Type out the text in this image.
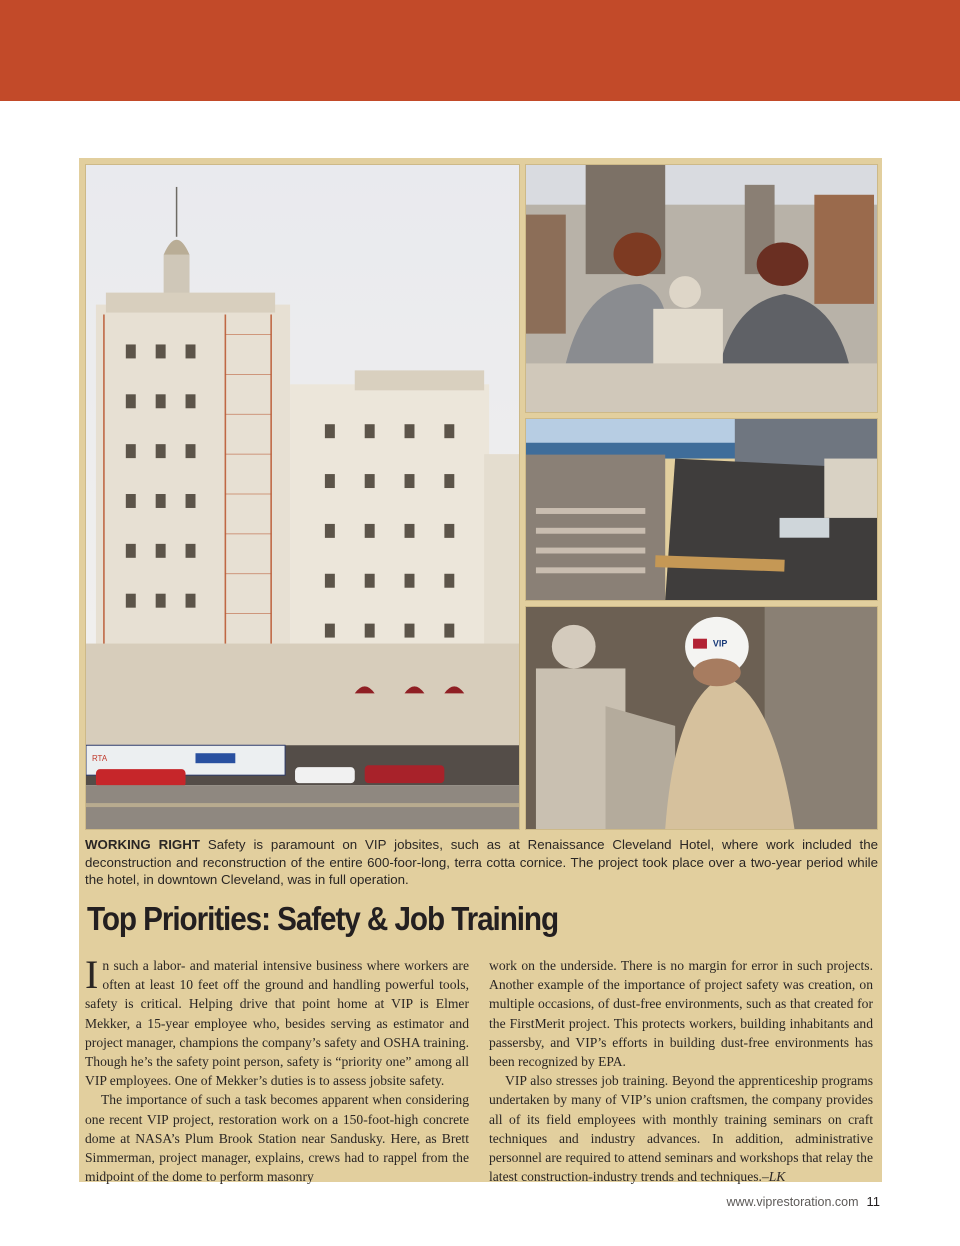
RTA
VIP

WORKING RIGHT Safety is paramount on VIP jobsites, such as at Renaissance Cleveland Hotel, where work included the deconstruction and reconstruction of the entire 600-foor-long, terra cotta cornice. The project took place over a two-year period while the hotel, in downtown Cleveland, was in full operation.

Top Priorities: Safety & Job Training

In such a labor- and material intensive business where workers are often at least 10 feet off the ground and handling powerful tools, safety is critical. Helping drive that point home at VIP is Elmer Mekker, a 15-year employee who, besides serving as estimator and project manager, champions the company’s safety and OSHA training. Though he’s the safety point person, safety is “priority one” among all VIP employees. One of Mekker’s duties is to assess jobsite safety.

The importance of such a task becomes apparent when considering one recent VIP project, restoration work on a 150-foot-high concrete dome at NASA’s Plum Brook Station near Sandusky. Here, as Brett Simmerman, project manager, explains, crews had to rappel from the midpoint of the dome to perform masonry

work on the underside. There is no margin for error in such projects. Another example of the importance of project safety was creation, on multiple occasions, of dust-free environments, such as that created for the FirstMerit project. This protects workers, building inhabitants and passersby, and VIP’s efforts in building dust-free environments has been recognized by EPA.

VIP also stresses job training. Beyond the apprenticeship programs undertaken by many of VIP’s union craftsmen, the company provides all of its field employees with monthly training seminars on craft techniques and industry advances. In addition, administrative personnel are required to attend seminars and workshops that relay the latest construction-industry trends and techniques.–LK

www.viprestoration.com 11
